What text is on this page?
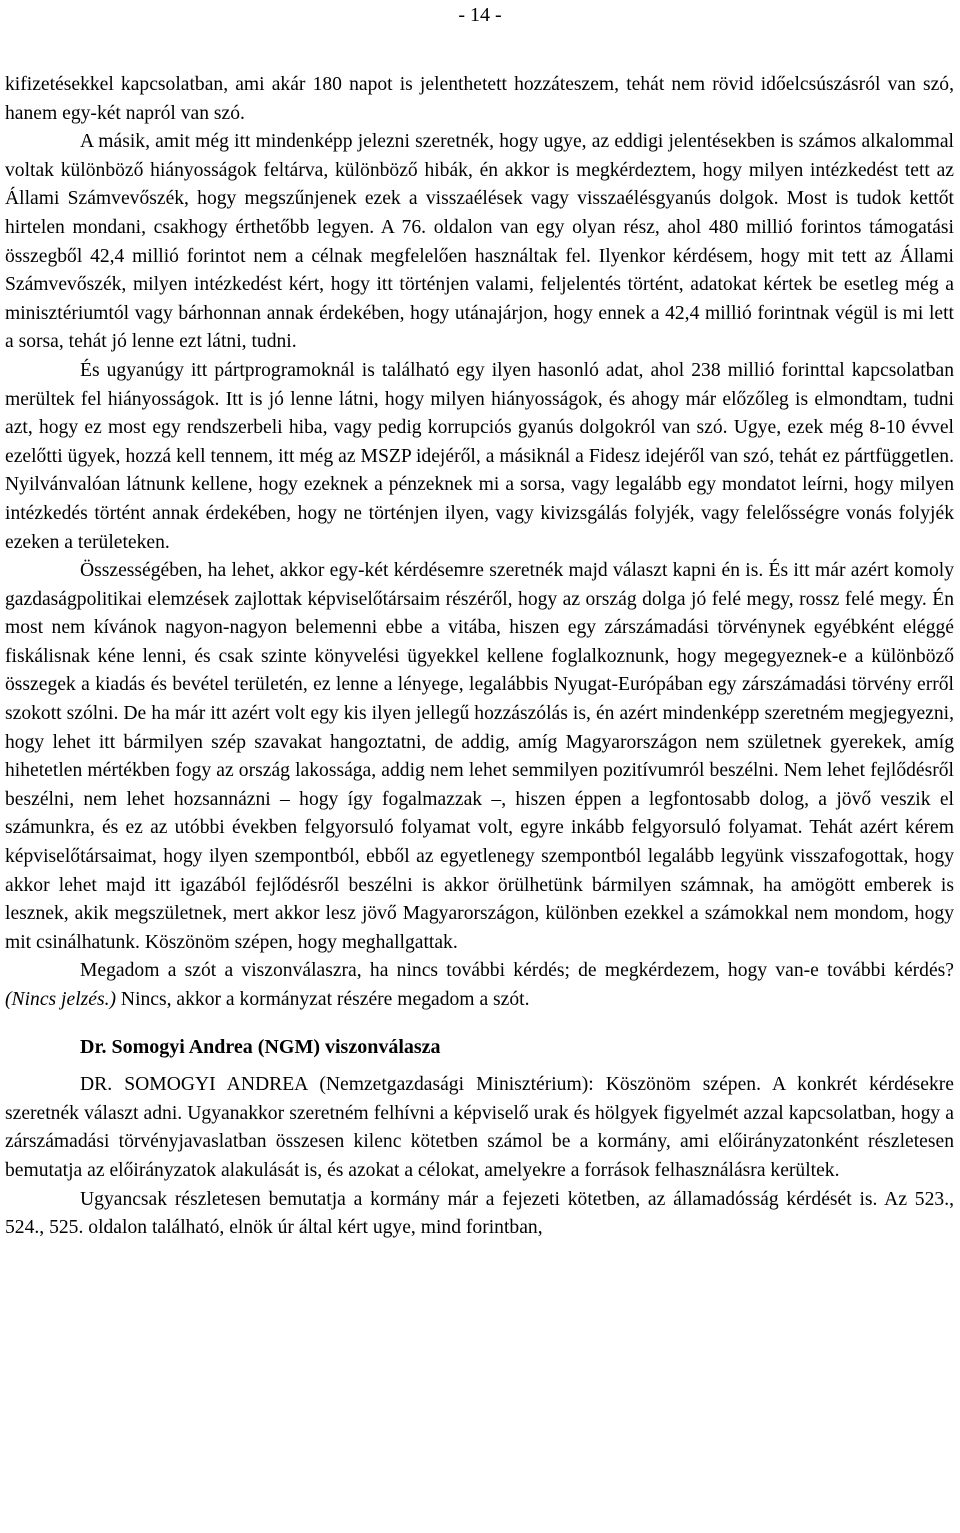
- 14 -

kifizetésekkel kapcsolatban, ami akár 180 napot is jelenthetett hozzáteszem, tehát nem rövid időelcsúszásról van szó, hanem egy-két napról van szó.

A másik, amit még itt mindenképp jelezni szeretnék, hogy ugye, az eddigi jelentésekben is számos alkalommal voltak különböző hiányosságok feltárva, különböző hibák, én akkor is megkérdeztem, hogy milyen intézkedést tett az Állami Számvevőszék, hogy megszűnjenek ezek a visszaélések vagy visszaélésgyanús dolgok. Most is tudok kettőt hirtelen mondani, csakhogy érthetőbb legyen. A 76. oldalon van egy olyan rész, ahol 480 millió forintos támogatási összegből 42,4 millió forintot nem a célnak megfelelően használtak fel. Ilyenkor kérdésem, hogy mit tett az Állami Számvevőszék, milyen intézkedést kért, hogy itt történjen valami, feljelentés történt, adatokat kértek be esetleg még a minisztériumtól vagy bárhonnan annak érdekében, hogy utánajárjon, hogy ennek a 42,4 millió forintnak végül is mi lett a sorsa, tehát jó lenne ezt látni, tudni.

És ugyanúgy itt pártprogramoknál is található egy ilyen hasonló adat, ahol 238 millió forinttal kapcsolatban merültek fel hiányosságok. Itt is jó lenne látni, hogy milyen hiányosságok, és ahogy már előzőleg is elmondtam, tudni azt, hogy ez most egy rendszerbeli hiba, vagy pedig korrupciós gyanús dolgokról van szó. Ugye, ezek még 8-10 évvel ezelőtti ügyek, hozzá kell tennem, itt még az MSZP idejéről, a másiknál a Fidesz idejéről van szó, tehát ez pártfüggetlen. Nyilvánvalóan látnunk kellene, hogy ezeknek a pénzeknek mi a sorsa, vagy legalább egy mondatot leírni, hogy milyen intézkedés történt annak érdekében, hogy ne történjen ilyen, vagy kivizsgálás folyjék, vagy felelősségre vonás folyjék ezeken a területeken.

Összességében, ha lehet, akkor egy-két kérdésemre szeretnék majd választ kapni én is. És itt már azért komoly gazdaságpolitikai elemzések zajlottak képviselőtársaim részéről, hogy az ország dolga jó felé megy, rossz felé megy. Én most nem kívánok nagyon-nagyon belemenni ebbe a vitába, hiszen egy zárszámadási törvénynek egyébként eléggé fiskálisnak kéne lenni, és csak szinte könyvelési ügyekkel kellene foglalkoznunk, hogy megegyeznek-e a különböző összegek a kiadás és bevétel területén, ez lenne a lényege, legalábbis Nyugat-Európában egy zárszámadási törvény erről szokott szólni. De ha már itt azért volt egy kis ilyen jellegű hozzászólás is, én azért mindenképp szeretném megjegyezni, hogy lehet itt bármilyen szép szavakat hangoztatni, de addig, amíg Magyarországon nem születnek gyerekek, amíg hihetetlen mértékben fogy az ország lakossága, addig nem lehet semmilyen pozitívumról beszélni. Nem lehet fejlődésről beszélni, nem lehet hozsannázni – hogy így fogalmazzak –, hiszen éppen a legfontosabb dolog, a jövő veszik el számunkra, és ez az utóbbi években felgyorsuló folyamat volt, egyre inkább felgyorsuló folyamat. Tehát azért kérem képviselőtársaimat, hogy ilyen szempontból, ebből az egyetlenegy szempontból legalább legyünk visszafogottak, hogy akkor lehet majd itt igazából fejlődésről beszélni is akkor örülhetünk bármilyen számnak, ha amögött emberek is lesznek, akik megszületnek, mert akkor lesz jövő Magyarországon, különben ezekkel a számokkal nem mondom, hogy mit csinálhatunk. Köszönöm szépen, hogy meghallgattak.

Megadom a szót a viszonválaszra, ha nincs további kérdés; de megkérdezem, hogy van-e további kérdés? (Nincs jelzés.) Nincs, akkor a kormányzat részére megadom a szót.

Dr. Somogyi Andrea (NGM) viszonválasza

DR. SOMOGYI ANDREA (Nemzetgazdasági Minisztérium): Köszönöm szépen. A konkrét kérdésekre szeretnék választ adni. Ugyanakkor szeretném felhívni a képviselő urak és hölgyek figyelmét azzal kapcsolatban, hogy a zárszámadási törvényjavaslatban összesen kilenc kötetben számol be a kormány, ami előirányzatonként részletesen bemutatja az előirányzatok alakulását is, és azokat a célokat, amelyekre a források felhasználásra kerültek.

Ugyancsak részletesen bemutatja a kormány már a fejezeti kötetben, az államadósság kérdését is. Az 523., 524., 525. oldalon található, elnök úr által kért ugye, mind forintban,
